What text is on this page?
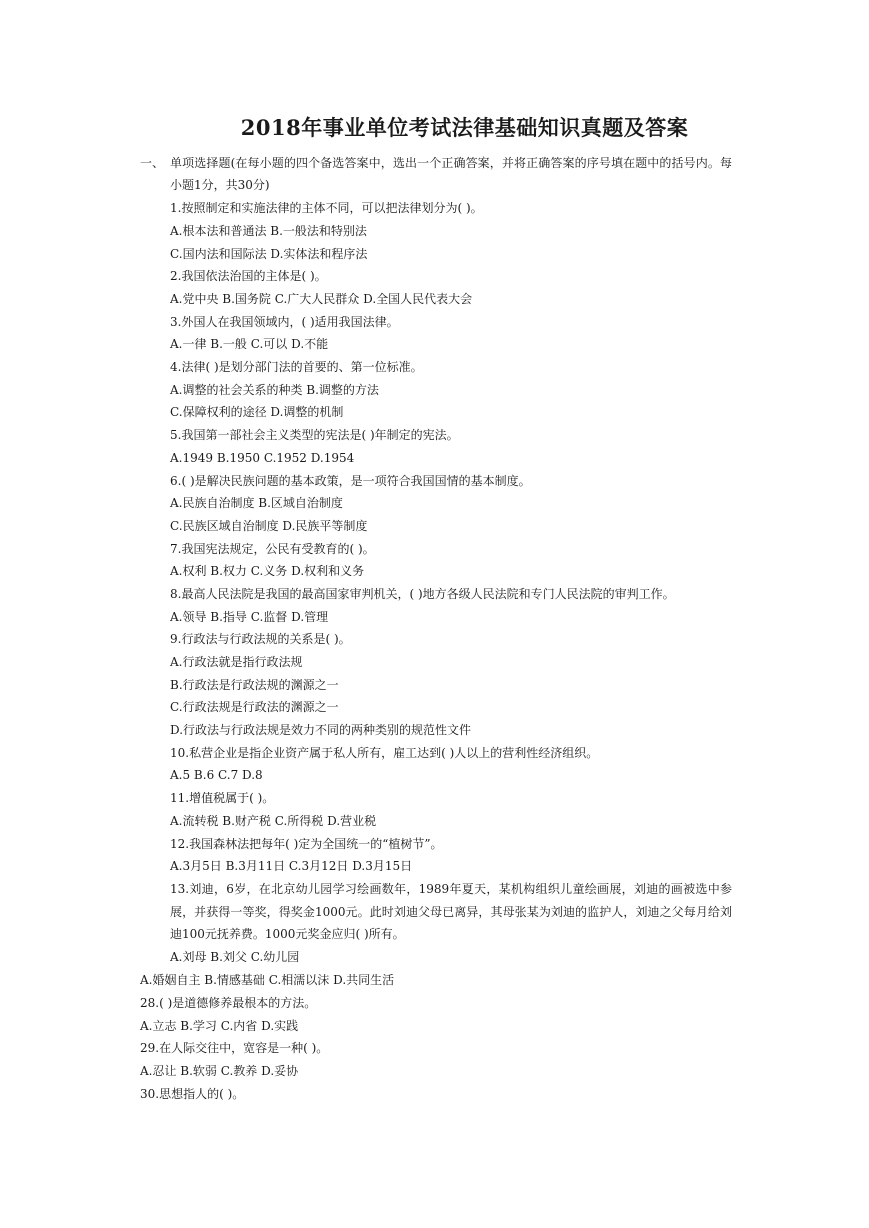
2018年事业单位考试法律基础知识真题及答案
一、 单项选择题(在每小题的四个备选答案中，选出一个正确答案，并将正确答案的序号填在题中的括号内。每小题1分，共30分)
1.按照制定和实施法律的主体不同，可以把法律划分为( )。
A.根本法和普通法 B.一般法和特别法
C.国内法和国际法 D.实体法和程序法
2.我国依法治国的主体是( )。
A.党中央 B.国务院 C.广大人民群众 D.全国人民代表大会
3.外国人在我国领域内，( )适用我国法律。
A.一律 B.一般 C.可以 D.不能
4.法律( )是划分部门法的首要的、第一位标准。
A.调整的社会关系的种类 B.调整的方法
C.保障权利的途径 D.调整的机制
5.我国第一部社会主义类型的宪法是( )年制定的宪法。
A.1949 B.1950 C.1952 D.1954
6.( )是解决民族问题的基本政策，是一项符合我国国情的基本制度。
A.民族自治制度 B.区域自治制度
C.民族区域自治制度 D.民族平等制度
7.我国宪法规定，公民有受教育的( )。
A.权利 B.权力 C.义务 D.权利和义务
8.最高人民法院是我国的最高国家审判机关，( )地方各级人民法院和专门人民法院的审判工作。
A.领导 B.指导 C.监督 D.管理
9.行政法与行政法规的关系是( )。
A.行政法就是指行政法规
B.行政法是行政法规的渊源之一
C.行政法规是行政法的渊源之一
D.行政法与行政法规是效力不同的两种类别的规范性文件
10.私营企业是指企业资产属于私人所有，雇工达到( )人以上的营利性经济组织。
A.5 B.6 C.7 D.8
11.增值税属于( )。
A.流转税 B.财产税 C.所得税 D.营业税
12.我国森林法把每年( )定为全国统一的“植树节”。
A.3月5日 B.3月11日 C.3月12日 D.3月15日
13.刘迪，6岁，在北京幼儿园学习绘画数年，1989年夏天，某机构组织儿童绘画展，刘迪的画被选中参展，并获得一等奖，得奖金1000元。此时刘迪父母已离异，其母张某为刘迪的监护人，刘迪之父每月给刘迪100元抚养费。1000元奖金应归( )所有。
A.刘母 B.刘父 C.幼儿园
A.婚姻自主 B.情感基础 C.相濡以沫 D.共同生活
28.( )是道德修养最根本的方法。
A.立志 B.学习 C.内省 D.实践
29.在人际交往中，宽容是一种( )。
A.忍让 B.软弱 C.教养 D.妥协
30.思想指人的( )。
